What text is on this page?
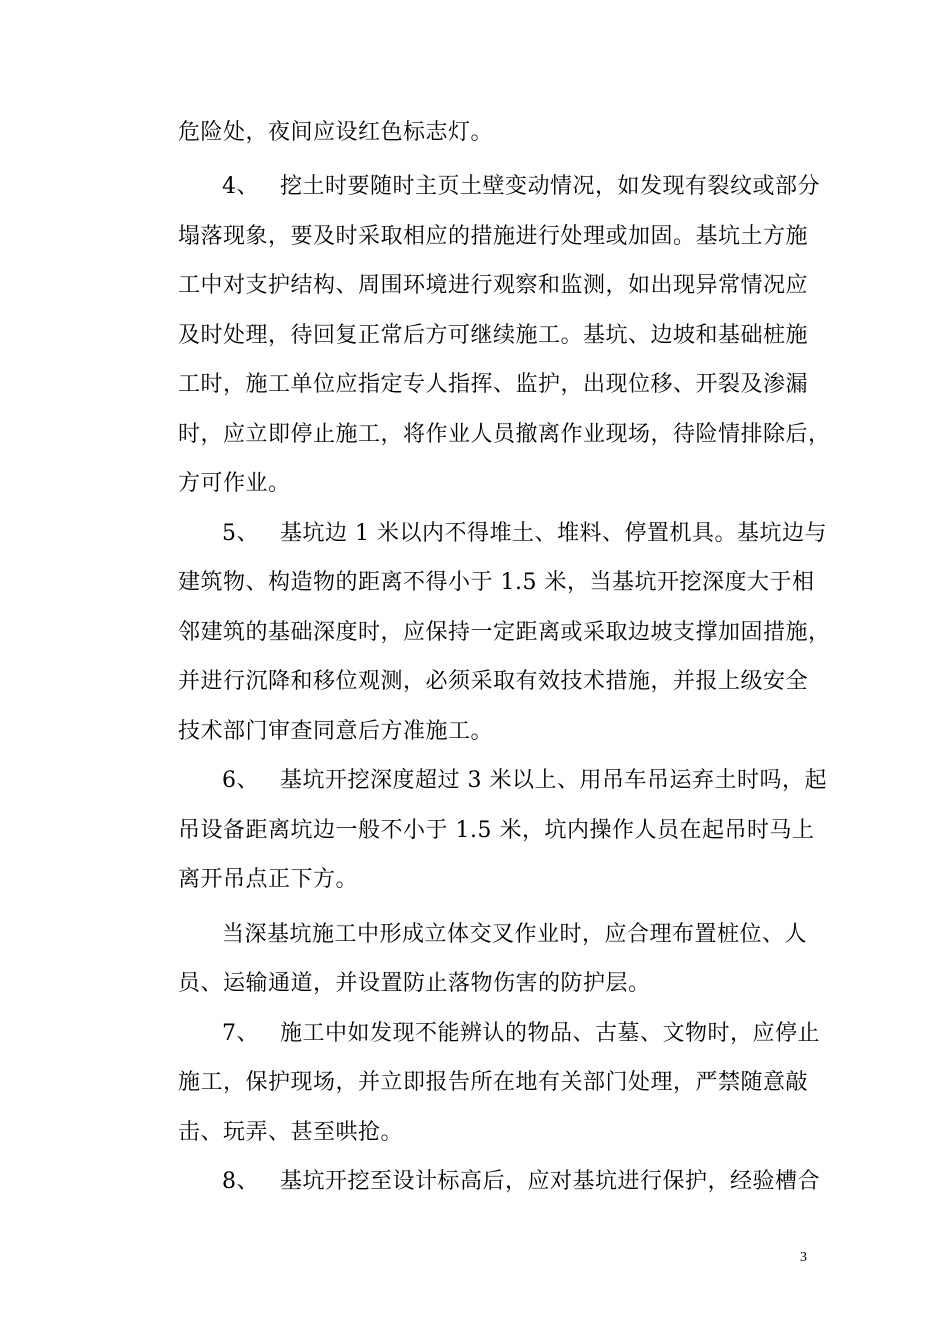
危险处，夜间应设红色标志灯。
4、 挖土时要随时主页土壁变动情况，如发现有裂纹或部分
塌落现象，要及时采取相应的措施进行处理或加固。基坑土方施
工中对支护结构、周围环境进行观察和监测，如出现异常情况应
及时处理，待回复正常后方可继续施工。基坑、边坡和基础桩施
工时，施工单位应指定专人指挥、监护，出现位移、开裂及渗漏
时，应立即停止施工，将作业人员撤离作业现场，待险情排除后，
方可作业。
5、 基坑边 1 米以内不得堆土、堆料、停置机具。基坑边与
建筑物、构造物的距离不得小于 1.5 米，当基坑开挖深度大于相
邻建筑的基础深度时，应保持一定距离或采取边坡支撑加固措施，
并进行沉降和移位观测，必须采取有效技术措施，并报上级安全
技术部门审查同意后方准施工。
6、 基坑开挖深度超过 3 米以上、用吊车吊运弃土时吗，起
吊设备距离坑边一般不小于 1.5 米，坑内操作人员在起吊时马上
离开吊点正下方。
当深基坑施工中形成立体交叉作业时，应合理布置桩位、人
员、运输通道，并设置防止落物伤害的防护层。
7、 施工中如发现不能辨认的物品、古墓、文物时，应停止
施工，保护现场，并立即报告所在地有关部门处理，严禁随意敲
击、玩弄、甚至哄抢。
8、 基坑开挖至设计标高后，应对基坑进行保护，经验槽合
3
